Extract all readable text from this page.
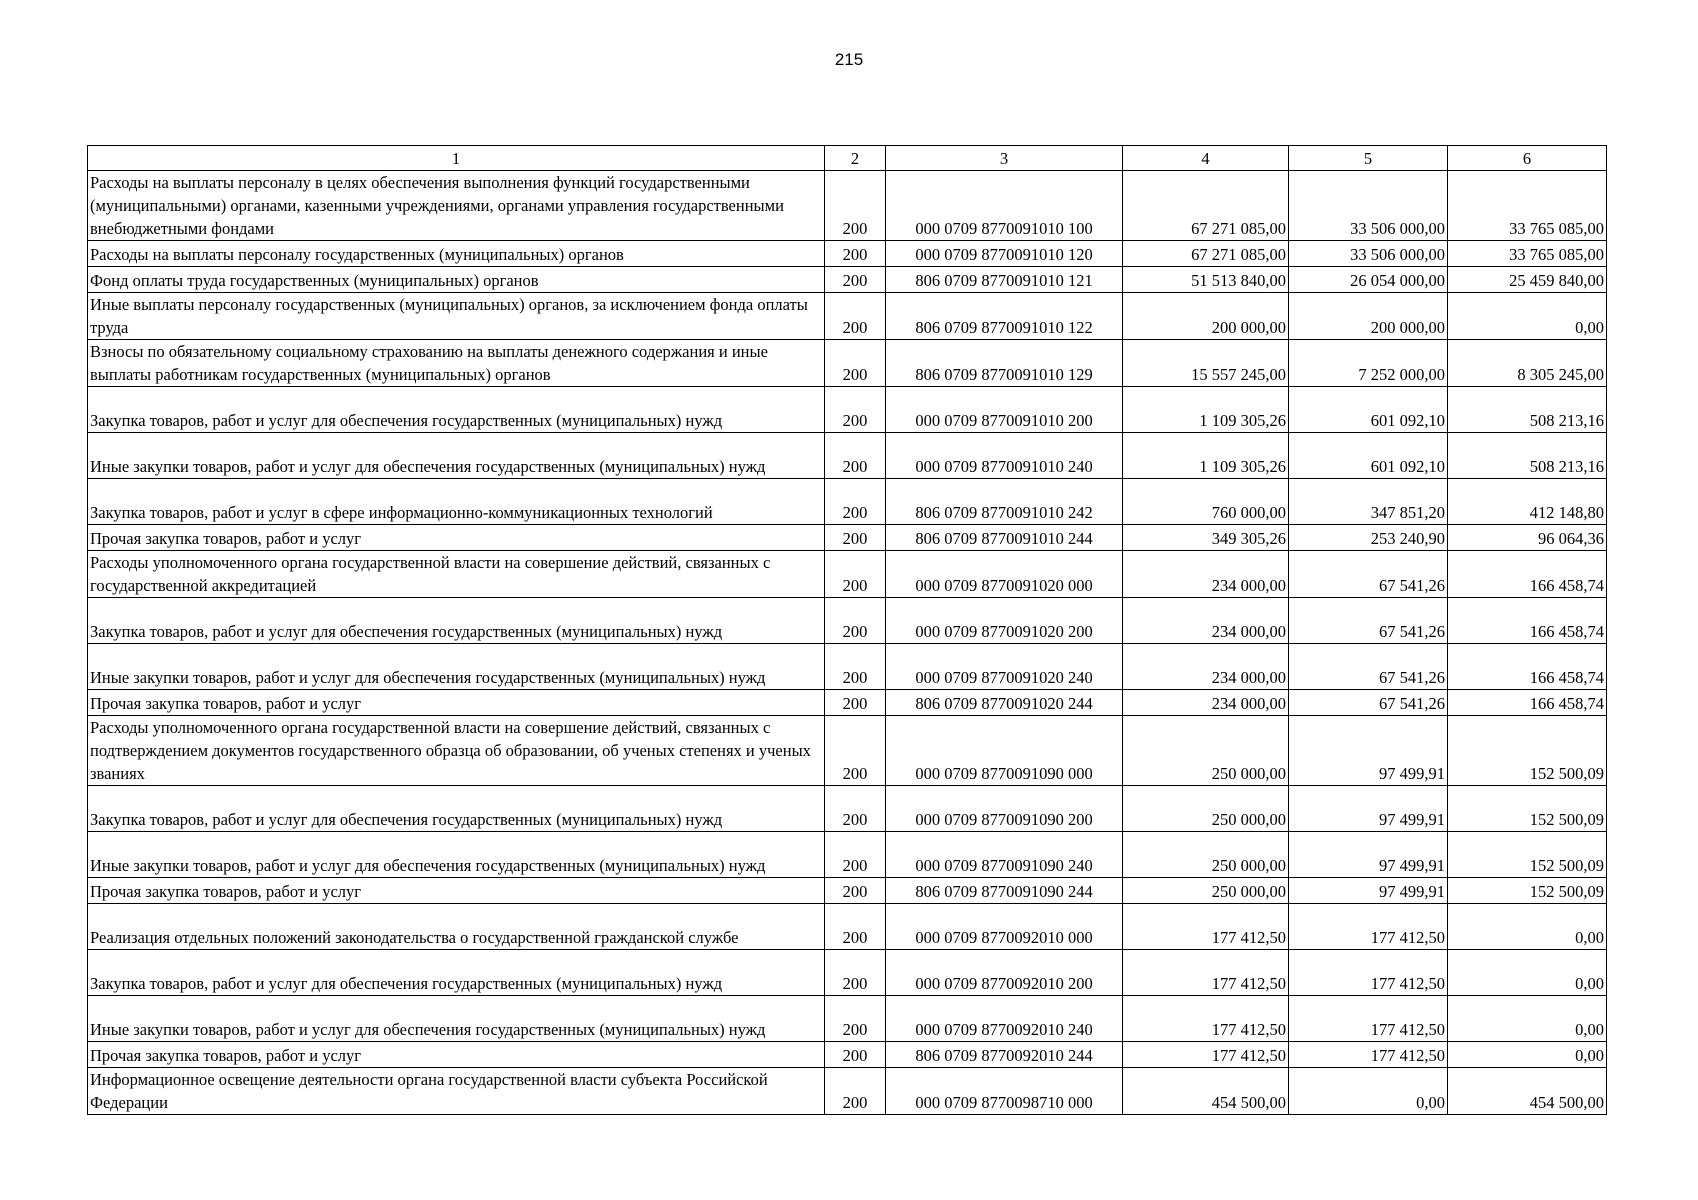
215
1	2	3	4	5	6
Расходы на выплаты персоналу в целях обеспечения выполнения функций государственными (муниципальными) органами, казенными учреждениями, органами управления государственными внебюджетными фондами	200	000 0709 8770091010 100	67 271 085,00	33 506 000,00	33 765 085,00
Расходы на выплаты персоналу государственных (муниципальных) органов	200	000 0709 8770091010 120	67 271 085,00	33 506 000,00	33 765 085,00
Фонд оплаты труда государственных (муниципальных) органов	200	806 0709 8770091010 121	51 513 840,00	26 054 000,00	25 459 840,00
Иные выплаты персоналу государственных (муниципальных) органов, за исключением фонда оплаты труда	200	806 0709 8770091010 122	200 000,00	200 000,00	0,00
Взносы по обязательному социальному страхованию на выплаты денежного содержания и иные выплаты работникам государственных (муниципальных) органов	200	806 0709 8770091010 129	15 557 245,00	7 252 000,00	8 305 245,00
Закупка товаров, работ и услуг для обеспечения государственных (муниципальных) нужд	200	000 0709 8770091010 200	1 109 305,26	601 092,10	508 213,16
Иные закупки товаров, работ и услуг для обеспечения государственных (муниципальных) нужд	200	000 0709 8770091010 240	1 109 305,26	601 092,10	508 213,16
Закупка товаров, работ и услуг в сфере информационно-коммуникационных технологий	200	806 0709 8770091010 242	760 000,00	347 851,20	412 148,80
Прочая закупка товаров, работ и услуг	200	806 0709 8770091010 244	349 305,26	253 240,90	96 064,36
Расходы уполномоченного органа государственной власти на совершение действий, связанных с государственной аккредитацией	200	000 0709 8770091020 000	234 000,00	67 541,26	166 458,74
Закупка товаров, работ и услуг для обеспечения государственных (муниципальных) нужд	200	000 0709 8770091020 200	234 000,00	67 541,26	166 458,74
Иные закупки товаров, работ и услуг для обеспечения государственных (муниципальных) нужд	200	000 0709 8770091020 240	234 000,00	67 541,26	166 458,74
Прочая закупка товаров, работ и услуг	200	806 0709 8770091020 244	234 000,00	67 541,26	166 458,74
Расходы уполномоченного органа государственной власти на совершение действий, связанных с подтверждением документов государственного образца об образовании, об ученых степенях и ученых званиях	200	000 0709 8770091090 000	250 000,00	97 499,91	152 500,09
Закупка товаров, работ и услуг для обеспечения государственных (муниципальных) нужд	200	000 0709 8770091090 200	250 000,00	97 499,91	152 500,09
Иные закупки товаров, работ и услуг для обеспечения государственных (муниципальных) нужд	200	000 0709 8770091090 240	250 000,00	97 499,91	152 500,09
Прочая закупка товаров, работ и услуг	200	806 0709 8770091090 244	250 000,00	97 499,91	152 500,09
Реализация отдельных положений законодательства о государственной гражданской службе	200	000 0709 8770092010 000	177 412,50	177 412,50	0,00
Закупка товаров, работ и услуг для обеспечения государственных (муниципальных) нужд	200	000 0709 8770092010 200	177 412,50	177 412,50	0,00
Иные закупки товаров, работ и услуг для обеспечения государственных (муниципальных) нужд	200	000 0709 8770092010 240	177 412,50	177 412,50	0,00
Прочая закупка товаров, работ и услуг	200	806 0709 8770092010 244	177 412,50	177 412,50	0,00
Информационное освещение деятельности органа государственной власти субъекта Российской Федерации	200	000 0709 8770098710 000	454 500,00	0,00	454 500,00
